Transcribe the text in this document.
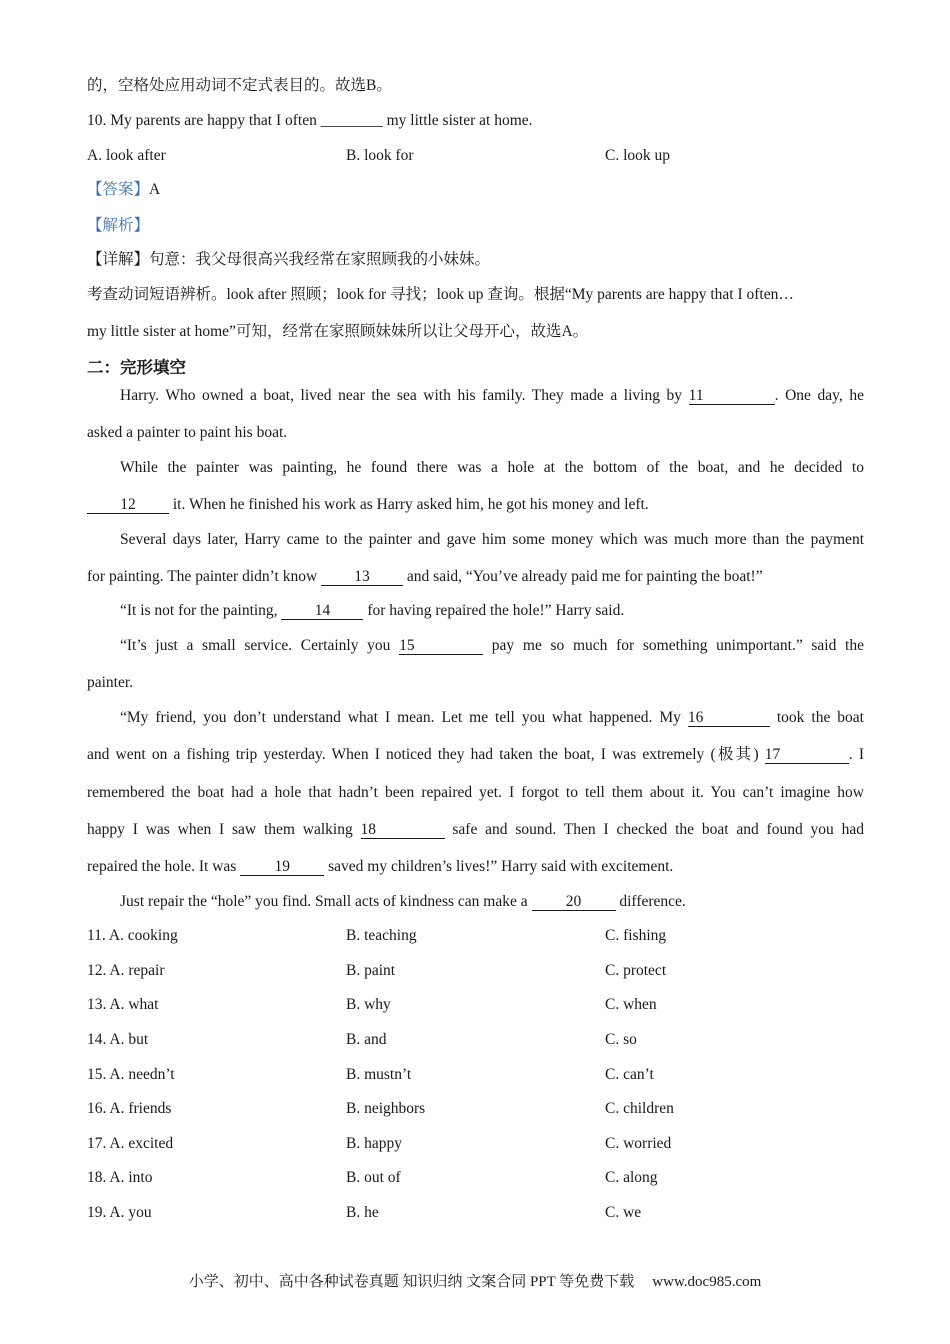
的，空格处应用动词不定式表目的。故选B。
10. My parents are happy that I often ________ my little sister at home.
A. look after	B. look for	C. look up
【答案】A
【解析】
【详解】句意：我父母很高兴我经常在家照顾我的小妹妹。
考查动词短语辨析。look after 照顾；look for 寻找；look up 查询。根据“My parents are happy that I often…
my little sister at home”可知，经常在家照顾妹妹所以让父母开心，故选A。
二：完形填空
Harry. Who owned a boat, lived near the sea with his family. They made a living by 11	. One day, he
asked a painter to paint his boat.
While the painter was painting, he found there was a hole at the bottom of the boat, and he decided to
12 it. When he finished his work as Harry asked him, he got his money and left.
Several days later, Harry came to the painter and gave him some money which was much more than the payment
for painting. The painter didn’t know 13 and said, “You’ve already paid me for painting the boat!”
“It is not for the painting, 14 for having repaired the hole!” Harry said.
“It’s just a small service. Certainly you 15	pay me so much for something unimportant.” said the
painter.
“My friend, you don’t understand what I mean. Let me tell you what happened. My 16	took the boat
and went on a fishing trip yesterday. When I noticed they had taken the boat, I was extremely (极其) 17	. I
remembered the boat had a hole that hadn’t been repaired yet. I forgot to tell them about it. You can’t imagine how
happy I was when I saw them walking 18	safe and sound. Then I checked the boat and found you had
repaired the hole. It was 19 saved my children’s lives!” Harry said with excitement.
Just repair the “hole” you find. Small acts of kindness can make a 20 difference.
11. A. cooking	B. teaching	C. fishing
12. A. repair	B. paint	C. protect
13. A. what	B. why	C. when
14. A. but	B. and	C. so
15. A. needn’t	B. mustn’t	C. can’t
16. A. friends	B. neighbors	C. children
17. A. excited	B. happy	C. worried
18. A. into	B. out of	C. along
19. A. you	B. he	C. we
小学、初中、高中各种试卷真题 知识归纳 文案合同 PPT 等免费下载 www.doc985.com
